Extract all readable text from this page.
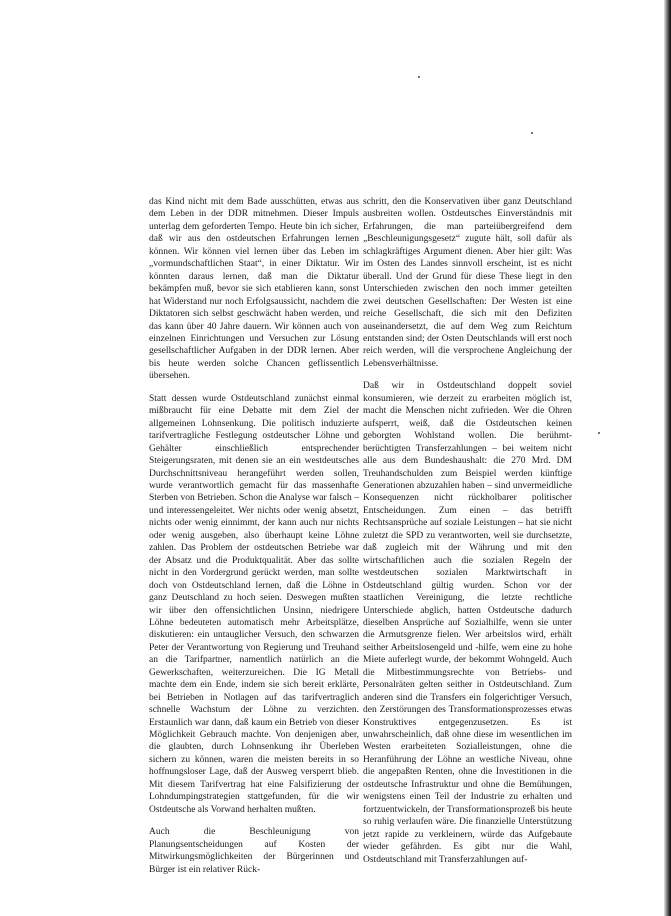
das Kind nicht mit dem Bade ausschütten, etwas aus dem Leben in der DDR mitnehmen. Dieser Impuls unterlag dem geforderten Tempo. Heute bin ich sicher, daß wir aus den ostdeutschen Erfahrungen lernen können. Wir können viel lernen über das Leben im „vormundschaftlichen Staat“, in einer Diktatur. Wir könnten daraus lernen, daß man die Diktatur bekämpfen muß, bevor sie sich etablieren kann, sonst hat Widerstand nur noch Erfolgsaussicht, nachdem die Diktatoren sich selbst geschwächt haben werden, und das kann über 40 Jahre dauern. Wir können auch von einzelnen Einrichtungen und Versuchen zur Lösung gesellschaftlicher Aufgaben in der DDR lernen. Aber bis heute werden solche Chancen geflissentlich übersehen.

Statt dessen wurde Ostdeutschland zunächst einmal mißbraucht für eine Debatte mit dem Ziel der allgemeinen Lohnsenkung. Die politisch induzierte tarifvertragliche Festlegung ostdeutscher Löhne und Gehälter einschließlich entsprechender Steigerungsraten, mit denen sie an ein westdeutsches Durchschnittsniveau herangeführt werden sollen, wurde verantwortlich gemacht für das massenhafte Sterben von Betrieben. Schon die Analyse war falsch – und interessengeleitet. Wer nichts oder wenig absetzt, nichts oder wenig einnimmt, der kann auch nur nichts oder wenig ausgeben, also überhaupt keine Löhne zahlen. Das Problem der ostdeutschen Betriebe war der Absatz und die Produktqualität. Aber das sollte nicht in den Vordergrund gerückt werden, man sollte doch von Ostdeutschland lernen, daß die Löhne in ganz Deutschland zu hoch seien. Deswegen mußten wir über den offensichtlichen Unsinn, niedrigere Löhne bedeuteten automatisch mehr Arbeitsplätze, diskutieren: ein untauglicher Versuch, den schwarzen Peter der Verantwortung von Regierung und Treuhand an die Tarifpartner, namentlich natürlich an die Gewerkschaften, weiterzureichen. Die IG Metall machte dem ein Ende, indem sie sich bereit erklärte, bei Betrieben in Notlagen auf das tarifvertraglich schnelle Wachstum der Löhne zu verzichten. Erstaunlich war dann, daß kaum ein Betrieb von dieser Möglichkeit Gebrauch machte. Von denjenigen aber, die glaubten, durch Lohnsenkung ihr Überleben sichern zu können, waren die meisten bereits in so hoffnungsloser Lage, daß der Ausweg versperrt blieb. Mit diesem Tarifvertrag hat eine Falsifizierung der Lohndumpingstrategien stattgefunden, für die wir Ostdeutsche als Vorwand herhalten mußten.

Auch die Beschleunigung von Planungsentscheidungen auf Kosten der Mitwirkungsmöglichkeiten der Bürgerinnen und Bürger ist ein relativer Rück-

schritt, den die Konservativen über ganz Deutschland ausbreiten wollen. Ostdeutsches Einverständnis mit Erfahrungen, die man parteiübergreifend dem „Beschleunigungsgesetz“ zugute hält, soll dafür als schlagkräftiges Argument dienen. Aber hier gilt: Was im Osten des Landes sinnvoll erscheint, ist es nicht überall. Und der Grund für diese These liegt in den Unterschieden zwischen den noch immer geteilten zwei deutschen Gesellschaften: Der Westen ist eine reiche Gesellschaft, die sich mit den Defiziten auseinandersetzt, die auf dem Weg zum Reichtum entstanden sind; der Osten Deutschlands will erst noch reich werden, will die versprochene Angleichung der Lebensverhältnisse.

Daß wir in Ostdeutschland doppelt soviel konsumieren, wie derzeit zu erarbeiten möglich ist, macht die Menschen nicht zufrieden. Wer die Ohren aufsperrt, weiß, daß die Ostdeutschen keinen geborgten Wohlstand wollen. Die berühmt-berüchtigten Transferzahlungen – bei weitem nicht alle aus dem Bundeshaushalt: die 270 Mrd. DM Treuhandschulden zum Beispiel werden künftige Generationen abzuzahlen haben – sind unvermeidliche Konsequenzen nicht rückholbarer politischer Entscheidungen. Zum einen – das betrifft Rechtsansprüche auf soziale Leistungen – hat sie nicht zuletzt die SPD zu verantworten, weil sie durchsetzte, daß zugleich mit der Währung und mit den wirtschaftlichen auch die sozialen Regeln der westdeutschen sozialen Marktwirtschaft in Ostdeutschland gültig wurden. Schon vor der staatlichen Vereinigung, die letzte rechtliche Unterschiede abglich, hatten Ostdeutsche dadurch dieselben Ansprüche auf Sozialhilfe, wenn sie unter die Armutsgrenze fielen. Wer arbeitslos wird, erhält seither Arbeitslosengeld und -hilfe, wem eine zu hohe Miete auferlegt wurde, der bekommt Wohngeld. Auch die Mitbestimmungsrechte von Betriebs- und Personalräten gelten seither in Ostdeutschland. Zum anderen sind die Transfers ein folgerichtiger Versuch, den Zerstörungen des Transformationsprozesses etwas Konstruktives entgegenzusetzen. Es ist unwahrscheinlich, daß ohne diese im wesentlichen im Westen erarbeiteten Sozialleistungen, ohne die Heranführung der Löhne an westliche Niveau, ohne die angepaßten Renten, ohne die Investitionen in die ostdeutsche Infrastruktur und ohne die Bemühungen, wenigstens einen Teil der Industrie zu erhalten und fortzuentwickeln, der Transformationsprozeß bis heute so ruhig verlaufen wäre. Die finanzielle Unterstützung jetzt rapide zu verkleinern, würde das Aufgebaute wieder gefährden. Es gibt nur die Wahl, Ostdeutschland mit Transferzahlungen auf-
